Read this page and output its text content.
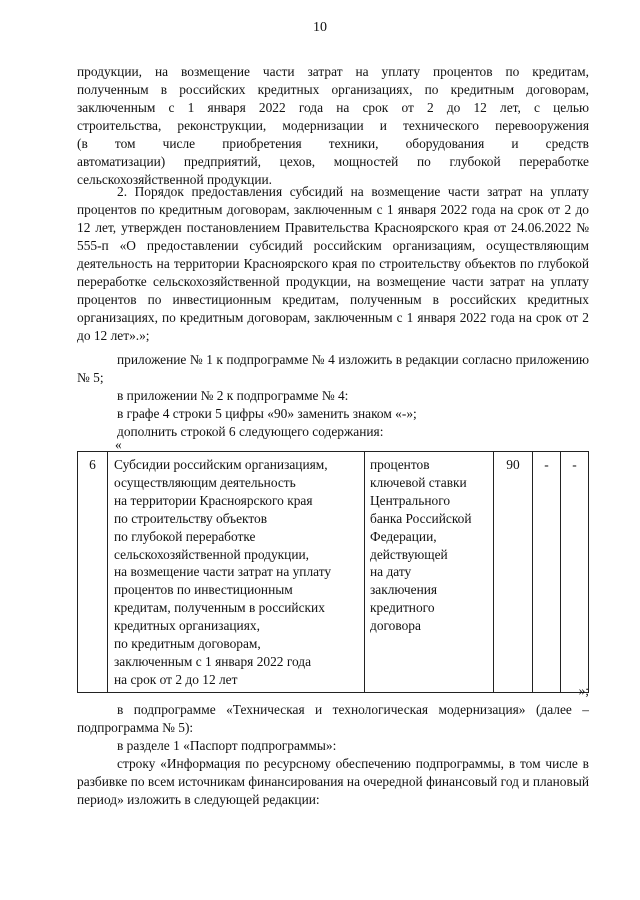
10

продукции, на возмещение части затрат на уплату процентов по кредитам,

полученным в российских кредитных организациях, по кредитным договорам,

заключенным с 1 января 2022 года на срок от 2 до 12 лет, с целью

строительства, реконструкции, модернизации и технического перевооружения

(в том числе приобретения техники, оборудования и средств

автоматизации) предприятий, цехов, мощностей по глубокой переработке сельскохозяйственной продукции.

2. Порядок предоставления субсидий на возмещение части затрат на уплату процентов по кредитным договорам, заключенным с 1 января 2022 года на срок от 2 до 12 лет, утвержден постановлением Правительства Красноярского края от 24.06.2022 № 555-п «О предоставлении субсидий российским организациям, осуществляющим деятельность на территории Красноярского края по строительству объектов по глубокой переработке сельскохозяйственной продукции, на возмещение части затрат на уплату процентов по инвестиционным кредитам, полученным в российских кредитных организациях, по кредитным договорам, заключенным с 1 января 2022 года на срок от 2 до 12 лет».»;

приложение № 1 к подпрограмме № 4 изложить в редакции согласно приложению № 5;

в приложении № 2 к подпрограмме № 4:

в графе 4 строки 5 цифры «90» заменить знаком «-»;

дополнить строкой 6 следующего содержания:

«
6	Субсидии российским организациям,
осуществляющим деятельность
на территории Красноярского края
по строительству объектов
по глубокой переработке
сельскохозяйственной продукции,
на возмещение части затрат на уплату
процентов по инвестиционным
кредитам, полученным в российских
кредитных организациях,
по кредитным договорам,
заключенным с 1 января 2022 года
на срок от 2 до 12 лет

процентов
ключевой ставки
Центрального
банка Российской
Федерации,
действующей
на дату
заключения
кредитного
договора
	90	-	-
»;

в подпрограмме «Техническая и технологическая модернизация» (далее – подпрограмма № 5):

в разделе 1 «Паспорт подпрограммы»:

строку «Информация по ресурсному обеспечению подпрограммы, в том числе в разбивке по всем источникам финансирования на очередной финансовый год и плановый период» изложить в следующей редакции:
